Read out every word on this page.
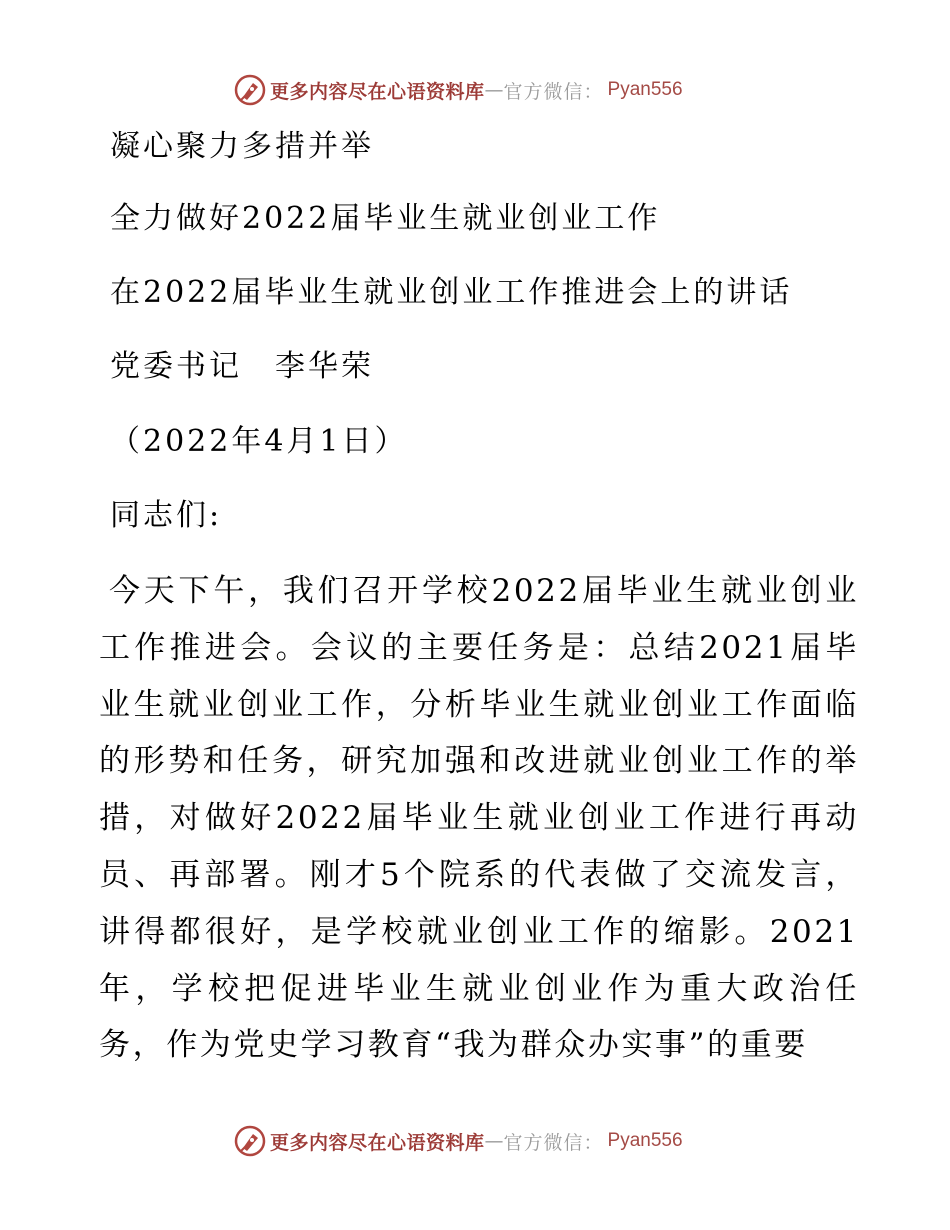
更多内容尽在心语资料库 — 官方微信： Pyan556
凝心聚力多措并举
全力做好2022届毕业生就业创业工作
在2022届毕业生就业创业工作推进会上的讲话
党委书记　李华荣
（2022年4月1日）
同志们:
今天下午，我们召开学校2022届毕业生就业创业工作推进会。会议的主要任务是：总结2021届毕业生就业创业工作，分析毕业生就业创业工作面临的形势和任务，研究加强和改进就业创业工作的举措，对做好2022届毕业生就业创业工作进行再动员、再部署。刚才5个院系的代表做了交流发言，讲得都很好，是学校就业创业工作的缩影。2021年，学校把促进毕业生就业创业作为重大政治任务，作为党史学习教育“我为群众办实事”的重要
更多内容尽在心语资料库 — 官方微信： Pyan556
